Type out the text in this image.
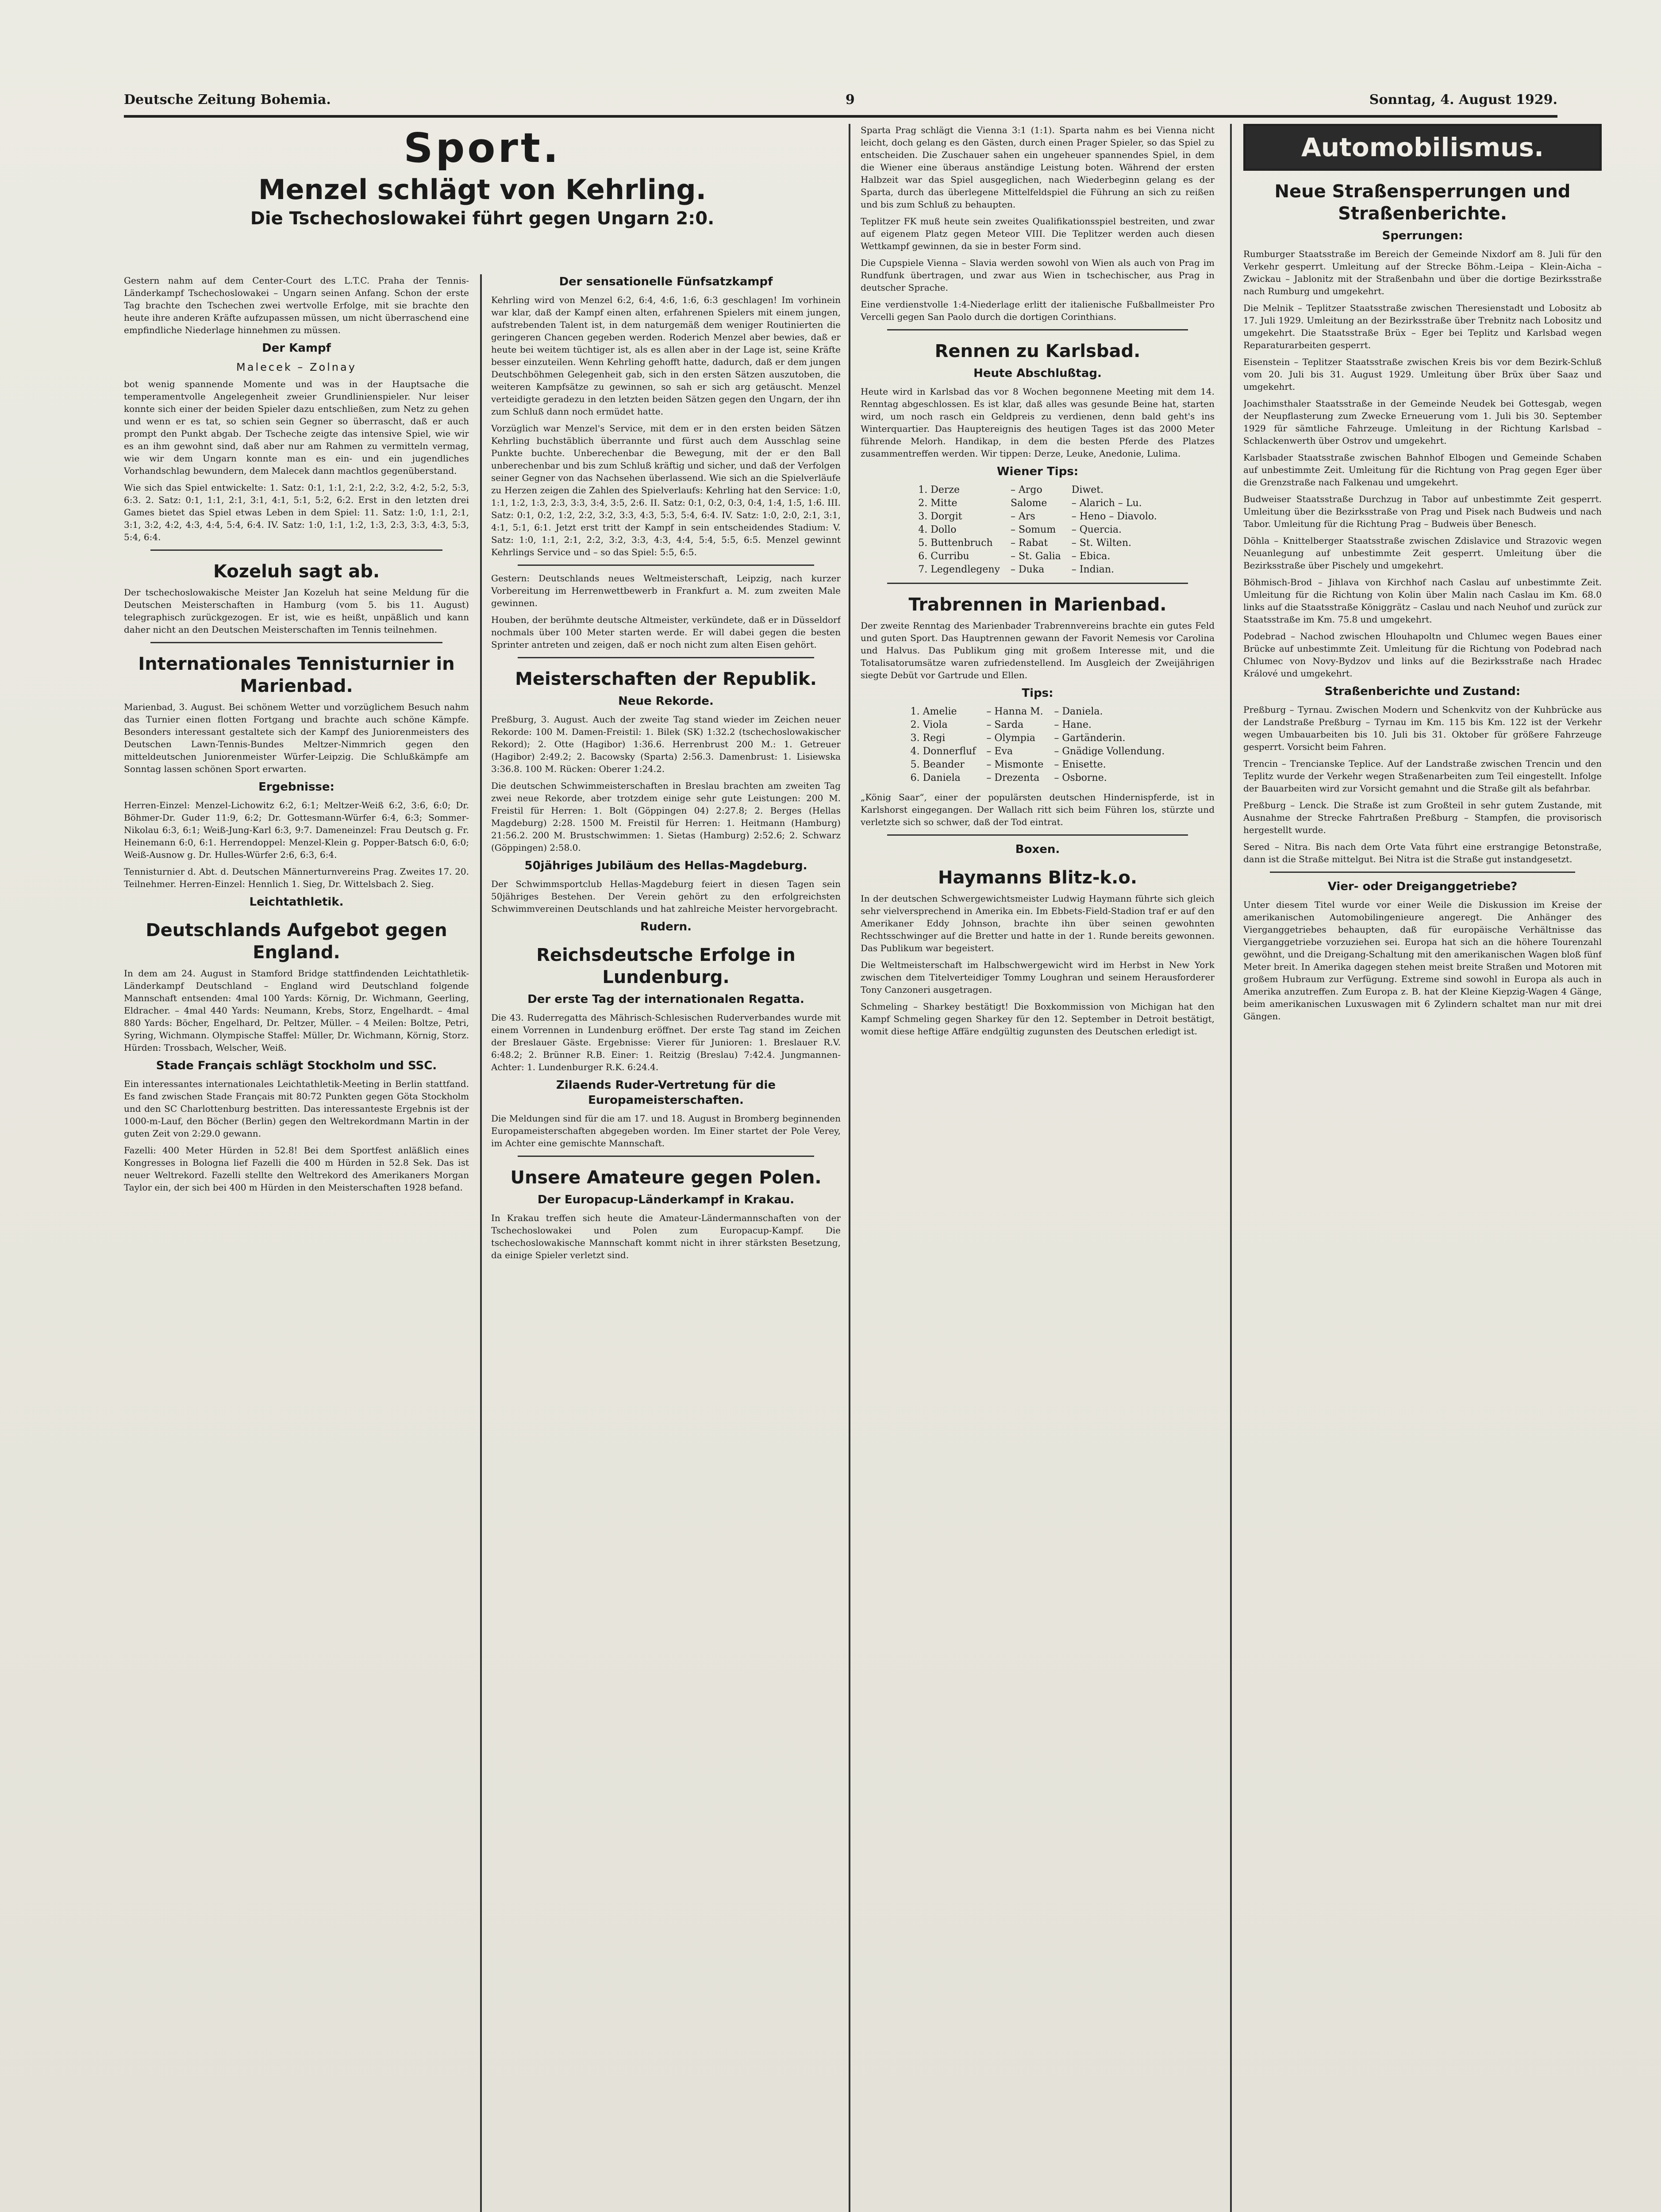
Deutsche Zeitung Bohemia.	9	Sonntag, 4. August 1929.
Sport.
Menzel schlägt von Kehrling.
Die Tschechoslowakei führt gegen Ungarn 2:0.

Gestern nahm auf dem Center-Court des L.T.C. Praha der Tennis-Länderkampf Tschechoslowakei – Ungarn seinen Anfang. Schon der erste Tag brachte den Tschechen zwei wertvolle Erfolge, mit sie brachte den heute ihre anderen Kräfte aufzupassen müssen, um nicht überraschend eine empfindliche Niederlage hinnehmen zu müssen.

Der Kampf
Malecek – Zolnay

bot wenig spannende Momente und was in der Hauptsache die temperamentvolle Angelegenheit zweier Grundlinienspieler. Nur leiser konnte sich einer der beiden Spieler dazu entschließen, zum Netz zu gehen und wenn er es tat, so schien sein Gegner so überrascht, daß er auch prompt den Punkt abgab. Der Tscheche zeigte das intensive Spiel, wie wir es an ihm gewohnt sind, daß aber nur am Rahmen zu vermitteln vermag, wie wir dem Ungarn konnte man es ein- und ein jugendliches Vorhandschlag bewundern, dem Malecek dann machtlos gegenüberstand.

Wie sich das Spiel entwickelte: 1. Satz: 0:1, 1:1, 2:1, 2:2, 3:2, 4:2, 5:2, 5:3, 6:3. 2. Satz: 0:1, 1:1, 2:1, 3:1, 4:1, 5:1, 5:2, 6:2. Erst in den letzten drei Games bietet das Spiel etwas Leben in dem Spiel: 11. Satz: 1:0, 1:1, 2:1, 3:1, 3:2, 4:2, 4:3, 4:4, 5:4, 6:4. IV. Satz: 1:0, 1:1, 1:2, 1:3, 2:3, 3:3, 4:3, 5:3, 5:4, 6:4.

Kozeluh sagt ab.

Der tschechoslowakische Meister Jan Kozeluh hat seine Meldung für die Deutschen Meisterschaften in Hamburg (vom 5. bis 11. August) telegraphisch zurückgezogen. Er ist, wie es heißt, unpäßlich und kann daher nicht an den Deutschen Meisterschaften im Tennis teilnehmen.

Internationales Tennisturnier in Marienbad.

Marienbad, 3. August. Bei schönem Wetter und vorzüglichem Besuch nahm das Turnier einen flotten Fortgang und brachte auch schöne Kämpfe. Besonders interessant gestaltete sich der Kampf des Juniorenmeisters des Deutschen Lawn-Tennis-Bundes Meltzer-Nimmrich gegen den mitteldeutschen Juniorenmeister Würfer-Leipzig. Die Schlußkämpfe am Sonntag lassen schönen Sport erwarten.

Ergebnisse:

Herren-Einzel: Menzel-Lichowitz 6:2, 6:1; Meltzer-Weiß 6:2, 3:6, 6:0; Dr. Böhmer-Dr. Guder 11:9, 6:2; Dr. Gottesmann-Würfer 6:4, 6:3; Sommer-Nikolau 6:3, 6:1; Weiß-Jung-Karl 6:3, 9:7. Dameneinzel: Frau Deutsch g. Fr. Heinemann 6:0, 6:1. Herrendoppel: Menzel-Klein g. Popper-Batsch 6:0, 6:0; Weiß-Ausnow g. Dr. Hulles-Würfer 2:6, 6:3, 6:4.

Tennisturnier d. Abt. d. Deutschen Männerturnvereins Prag. Zweites 17. 20. Teilnehmer. Herren-Einzel: Hennlich 1. Sieg, Dr. Wittelsbach 2. Sieg.

Leichtathletik.
Deutschlands Aufgebot gegen England.

In dem am 24. August in Stamford Bridge stattfindenden Leichtathletik-Länderkampf Deutschland – England wird Deutschland folgende Mannschaft entsenden: 4mal 100 Yards: Körnig, Dr. Wichmann, Geerling, Eldracher. – 4mal 440 Yards: Neumann, Krebs, Storz, Engelhardt. – 4mal 880 Yards: Böcher, Engelhard, Dr. Peltzer, Müller. – 4 Meilen: Boltze, Petri, Syring, Wichmann. Olympische Staffel: Müller, Dr. Wichmann, Körnig, Storz. Hürden: Trossbach, Welscher, Weiß.

Stade Français schlägt Stockholm und SSC.

Ein interessantes internationales Leichtathletik-Meeting in Berlin stattfand. Es fand zwischen Stade Français mit 80:72 Punkten gegen Göta Stockholm und den SC Charlottenburg bestritten. Das interessanteste Ergebnis ist der 1000-m-Lauf, den Böcher (Berlin) gegen den Weltrekordmann Martin in der guten Zeit von 2:29.0 gewann.

Fazelli: 400 Meter Hürden in 52.8! Bei dem Sportfest anläßlich eines Kongresses in Bologna lief Fazelli die 400 m Hürden in 52.8 Sek. Das ist neuer Weltrekord. Fazelli stellte den Weltrekord des Amerikaners Morgan Taylor ein, der sich bei 400 m Hürden in den Meisterschaften 1928 befand.

Der sensationelle Fünfsatzkampf

Kehrling wird von Menzel 6:2, 6:4, 4:6, 1:6, 6:3 geschlagen! Im vorhinein war klar, daß der Kampf einen alten, erfahrenen Spielers mit einem jungen, aufstrebenden Talent ist, in dem naturgemäß dem weniger Routinierten die geringeren Chancen gegeben werden. Roderich Menzel aber bewies, daß er heute bei weitem tüchtiger ist, als es allen aber in der Lage ist, seine Kräfte besser einzuteilen. Wenn Kehrling gehofft hatte, dadurch, daß er dem jungen Deutschböhmen Gelegenheit gab, sich in den ersten Sätzen auszutoben, die weiteren Kampfsätze zu gewinnen, so sah er sich arg getäuscht. Menzel verteidigte geradezu in den letzten beiden Sätzen gegen den Ungarn, der ihn zum Schluß dann noch ermüdet hatte.

Vorzüglich war Menzel's Service, mit dem er in den ersten beiden Sätzen Kehrling buchstäblich überrannte und fürst auch dem Ausschlag seine Punkte buchte. Unberechenbar die Bewegung, mit der er den Ball unberechenbar und bis zum Schluß kräftig und sicher, und daß der Verfolgen seiner Gegner von das Nachsehen überlassend. Wie sich an die Spielverläufe zu Herzen zeigen die Zahlen des Spielverlaufs: Kehrling hat den Service: 1:0, 1:1, 1:2, 1:3, 2:3, 3:3, 3:4, 3:5, 2:6. II. Satz: 0:1, 0:2, 0:3, 0:4, 1:4, 1:5, 1:6. III. Satz: 0:1, 0:2, 1:2, 2:2, 3:2, 3:3, 4:3, 5:3, 5:4, 6:4. IV. Satz: 1:0, 2:0, 2:1, 3:1, 4:1, 5:1, 6:1. Jetzt erst tritt der Kampf in sein entscheidendes Stadium: V. Satz: 1:0, 1:1, 2:1, 2:2, 3:2, 3:3, 4:3, 4:4, 5:4, 5:5, 6:5. Menzel gewinnt Kehrlings Service und – so das Spiel: 5:5, 6:5.

Gestern: Deutschlands neues Weltmeisterschaft, Leipzig, nach kurzer Vorbereitung im Herrenwettbewerb in Frankfurt a. M. zum zweiten Male gewinnen.

Houben, der berühmte deutsche Altmeister, verkündete, daß er in Düsseldorf nochmals über 100 Meter starten werde. Er will dabei gegen die besten Sprinter antreten und zeigen, daß er noch nicht zum alten Eisen gehört.

Meisterschaften der Republik.
Neue Rekorde.

Preßburg, 3. August. Auch der zweite Tag stand wieder im Zeichen neuer Rekorde: 100 M. Damen-Freistil: 1. Bilek (SK) 1:32.2 (tschechoslowakischer Rekord); 2. Otte (Hagibor) 1:36.6. Herrenbrust 200 M.: 1. Getreuer (Hagibor) 2:49.2; 2. Bacowsky (Sparta) 2:56.3. Damenbrust: 1. Lisiewska 3:36.8. 100 M. Rücken: Oberer 1:24.2.

Die deutschen Schwimmeisterschaften in Breslau brachten am zweiten Tag zwei neue Rekorde, aber trotzdem einige sehr gute Leistungen: 200 M. Freistil für Herren: 1. Bolt (Göppingen 04) 2:27.8; 2. Berges (Hellas Magdeburg) 2:28. 1500 M. Freistil für Herren: 1. Heitmann (Hamburg) 21:56.2. 200 M. Brustschwimmen: 1. Sietas (Hamburg) 2:52.6; 2. Schwarz (Göppingen) 2:58.0.

50jähriges Jubiläum des Hellas-Magdeburg.

Der Schwimmsportclub Hellas-Magdeburg feiert in diesen Tagen sein 50jähriges Bestehen. Der Verein gehört zu den erfolgreichsten Schwimmvereinen Deutschlands und hat zahlreiche Meister hervorgebracht.

Rudern.
Reichsdeutsche Erfolge in Lundenburg.
Der erste Tag der internationalen Regatta.

Die 43. Ruderregatta des Mährisch-Schlesischen Ruderverbandes wurde mit einem Vorrennen in Lundenburg eröffnet. Der erste Tag stand im Zeichen der Breslauer Gäste. Ergebnisse: Vierer für Junioren: 1. Breslauer R.V. 6:48.2; 2. Brünner R.B. Einer: 1. Reitzig (Breslau) 7:42.4. Jungmannen-Achter: 1. Lundenburger R.K. 6:24.4.

Zilaends Ruder-Vertretung für die Europameisterschaften.

Die Meldungen sind für die am 17. und 18. August in Bromberg beginnenden Europameisterschaften abgegeben worden. Im Einer startet der Pole Verey, im Achter eine gemischte Mannschaft.

Unsere Amateure gegen Polen.
Der Europacup-Länderkampf in Krakau.

In Krakau treffen sich heute die Amateur-Ländermannschaften von der Tschechoslowakei und Polen zum Europacup-Kampf. Die tschechoslowakische Mannschaft kommt nicht in ihrer stärksten Besetzung, da einige Spieler verletzt sind.

Sparta Prag schlägt die Vienna 3:1 (1:1). Sparta nahm es bei Vienna nicht leicht, doch gelang es den Gästen, durch einen Prager Spieler, so das Spiel zu entscheiden. Die Zuschauer sahen ein ungeheuer spannendes Spiel, in dem die Wiener eine überaus anständige Leistung boten. Während der ersten Halbzeit war das Spiel ausgeglichen, nach Wiederbeginn gelang es der Sparta, durch das überlegene Mittelfeldspiel die Führung an sich zu reißen und bis zum Schluß zu behaupten.

Teplitzer FK muß heute sein zweites Qualifikationsspiel bestreiten, und zwar auf eigenem Platz gegen Meteor VIII. Die Teplitzer werden auch diesen Wettkampf gewinnen, da sie in bester Form sind.

Die Cupspiele Vienna – Slavia werden sowohl von Wien als auch von Prag im Rundfunk übertragen, und zwar aus Wien in tschechischer, aus Prag in deutscher Sprache.

Eine verdienstvolle 1:4-Niederlage erlitt der italienische Fußballmeister Pro Vercelli gegen San Paolo durch die dortigen Corinthians.

Rennen zu Karlsbad.
Heute Abschlußtag.

Heute wird in Karlsbad das vor 8 Wochen begonnene Meeting mit dem 14. Renntag abgeschlossen. Es ist klar, daß alles was gesunde Beine hat, starten wird, um noch rasch ein Geldpreis zu verdienen, denn bald geht's ins Winterquartier. Das Hauptereignis des heutigen Tages ist das 2000 Meter führende Melorh. Handikap, in dem die besten Pferde des Platzes zusammentreffen werden. Wir tippen: Derze, Leuke, Anedonie, Lulima.

Wiener Tips:
1. Derze	– Argo	Diwet.
2. Mitte	Salome	– Alarich – Lu.
3. Dorgit	– Ars	– Heno – Diavolo.
4. Dollo	– Somum	– Quercia.
5. Buttenbruch	– Rabat	– St. Wilten.
6. Curribu	– St. Galia	– Ebica.
7. Legendlegeny	– Duka	– Indian.
Trabrennen in Marienbad.

Der zweite Renntag des Marienbader Trabrennvereins brachte ein gutes Feld und guten Sport. Das Hauptrennen gewann der Favorit Nemesis vor Carolina und Halvus. Das Publikum ging mit großem Interesse mit, und die Totalisatorumsätze waren zufriedenstellend. Im Ausgleich der Zweijährigen siegte Debüt vor Gartrude und Ellen.

Tips:
1. Amelie	– Hanna M.	– Daniela.
2. Viola	– Sarda	– Hane.
3. Regi	– Olympia	– Gartänderin.
4. Donnerfluf	– Eva	– Gnädige Vollendung.
5. Beander	– Mismonte	– Enisette.
6. Daniela	– Drezenta	– Osborne.

„König Saar“, einer der populärsten deutschen Hindernispferde, ist in Karlshorst eingegangen. Der Wallach ritt sich beim Führen los, stürzte und verletzte sich so schwer, daß der Tod eintrat.

Boxen.
Haymanns Blitz-k.o.

In der deutschen Schwergewichtsmeister Ludwig Haymann führte sich gleich sehr vielversprechend in Amerika ein. Im Ebbets-Field-Stadion traf er auf den Amerikaner Eddy Johnson, brachte ihn über seinen gewohnten Rechtsschwinger auf die Bretter und hatte in der 1. Runde bereits gewonnen. Das Publikum war begeistert.

Die Weltmeisterschaft im Halbschwergewicht wird im Herbst in New York zwischen dem Titelverteidiger Tommy Loughran und seinem Herausforderer Tony Canzoneri ausgetragen.

Schmeling – Sharkey bestätigt! Die Boxkommission von Michigan hat den Kampf Schmeling gegen Sharkey für den 12. September in Detroit bestätigt, womit diese heftige Affäre endgültig zugunsten des Deutschen erledigt ist.

Automobilismus.
Neue Straßensperrungen und Straßenberichte.
Sperrungen:

Rumburger Staatsstraße im Bereich der Gemeinde Nixdorf am 8. Juli für den Verkehr gesperrt. Umleitung auf der Strecke Böhm.-Leipa – Klein-Aicha – Zwickau – Jablonitz mit der Straßenbahn und über die dortige Bezirksstraße nach Rumburg und umgekehrt.

Die Melnik – Teplitzer Staatsstraße zwischen Theresienstadt und Lobositz ab 17. Juli 1929. Umleitung an der Bezirksstraße über Trebnitz nach Lobositz und umgekehrt. Die Staatsstraße Brüx – Eger bei Teplitz und Karlsbad wegen Reparaturarbeiten gesperrt.

Eisenstein – Teplitzer Staatsstraße zwischen Kreis bis vor dem Bezirk-Schluß vom 20. Juli bis 31. August 1929. Umleitung über Brüx über Saaz und umgekehrt.

Joachimsthaler Staatsstraße in der Gemeinde Neudek bei Gottesgab, wegen der Neupflasterung zum Zwecke Erneuerung vom 1. Juli bis 30. September 1929 für sämtliche Fahrzeuge. Umleitung in der Richtung Karlsbad – Schlackenwerth über Ostrov und umgekehrt.

Karlsbader Staatsstraße zwischen Bahnhof Elbogen und Gemeinde Schaben auf unbestimmte Zeit. Umleitung für die Richtung von Prag gegen Eger über die Grenzstraße nach Falkenau und umgekehrt.

Budweiser Staatsstraße Durchzug in Tabor auf unbestimmte Zeit gesperrt. Umleitung über die Bezirksstraße von Prag und Pisek nach Budweis und nach Tabor. Umleitung für die Richtung Prag – Budweis über Benesch.

Döhla – Knittelberger Staatsstraße zwischen Zdislavice und Strazovic wegen Neuanlegung auf unbestimmte Zeit gesperrt. Umleitung über die Bezirksstraße über Pischely und umgekehrt.

Böhmisch-Brod – Jihlava von Kirchhof nach Caslau auf unbestimmte Zeit. Umleitung für die Richtung von Kolin über Malin nach Caslau im Km. 68.0 links auf die Staatsstraße Königgrätz – Caslau und nach Neuhof und zurück zur Staatsstraße im Km. 75.8 und umgekehrt.

Podebrad – Nachod zwischen Hlouhapoltn und Chlumec wegen Baues einer Brücke auf unbestimmte Zeit. Umleitung für die Richtung von Podebrad nach Chlumec von Novy-Bydzov und links auf die Bezirksstraße nach Hradec Králové und umgekehrt.

Straßenberichte und Zustand:

Preßburg – Tyrnau. Zwischen Modern und Schenkvitz von der Kuhbrücke aus der Landstraße Preßburg – Tyrnau im Km. 115 bis Km. 122 ist der Verkehr wegen Umbauarbeiten bis 10. Juli bis 31. Oktober für größere Fahrzeuge gesperrt. Vorsicht beim Fahren.

Trencin – Trencianske Teplice. Auf der Landstraße zwischen Trencin und den Teplitz wurde der Verkehr wegen Straßenarbeiten zum Teil eingestellt. Infolge der Bauarbeiten wird zur Vorsicht gemahnt und die Straße gilt als befahrbar.

Preßburg – Lenck. Die Straße ist zum Großteil in sehr gutem Zustande, mit Ausnahme der Strecke Fahrtraßen Preßburg – Stampfen, die provisorisch hergestellt wurde.

Sered – Nitra. Bis nach dem Orte Vata führt eine erstrangige Betonstraße, dann ist die Straße mittelgut. Bei Nitra ist die Straße gut instandgesetzt.

Vier- oder Dreiganggetriebe?

Unter diesem Titel wurde vor einer Weile die Diskussion im Kreise der amerikanischen Automobilingenieure angeregt. Die Anhänger des Vierganggetriebes behaupten, daß für europäische Verhältnisse das Vierganggetriebe vorzuziehen sei. Europa hat sich an die höhere Tourenzahl gewöhnt, und die Dreigang-Schaltung mit den amerikanischen Wagen bloß fünf Meter breit. In Amerika dagegen stehen meist breite Straßen und Motoren mit großem Hubraum zur Verfügung. Extreme sind sowohl in Europa als auch in Amerika anzutreffen. Zum Europa z. B. hat der Kleine Kiepzig-Wagen 4 Gänge, beim amerikanischen Luxuswagen mit 6 Zylindern schaltet man nur mit drei Gängen.
